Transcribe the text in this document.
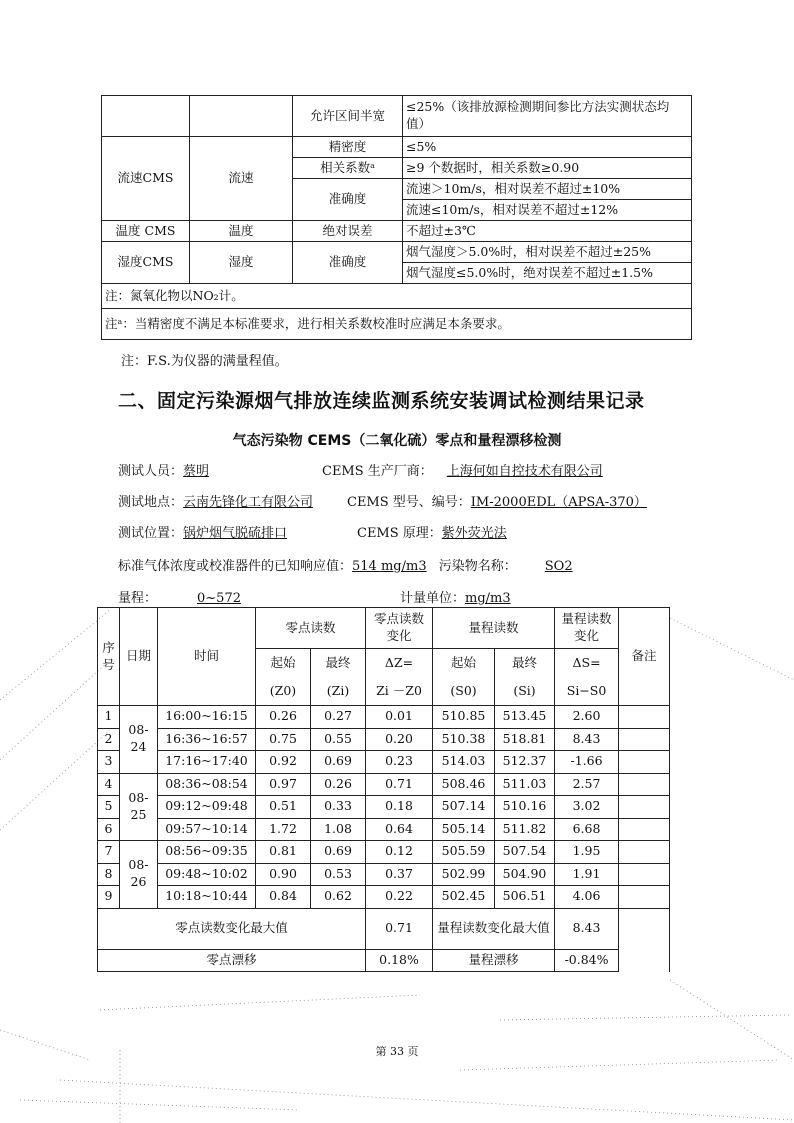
		允许区间半宽	≤25%（该排放源检测期间参比方法实测状态均值）
流速CMS	流速	精密度	≤5%
		相关系数ᵃ	≥9 个数据时，相关系数≥0.90
		准确度	流速＞10m/s，相对误差不超过±10%
			流速≤10m/s，相对误差不超过±12%
温度 CMS	温度	绝对误差	不超过±3℃
湿度CMS	湿度	准确度	烟气湿度＞5.0%时，相对误差不超过±25%
			烟气湿度≤5.0%时，绝对误差不超过±1.5%
注：氮氧化物以NO₂计。			
注ᵃ：当精密度不满足本标准要求，进行相关系数校准时应满足本条要求。			
注：F.S.为仪器的满量程值。
二、固定污染源烟气排放连续监测系统安装调试检测结果记录
气态污染物 CEMS（二氧化硫）零点和量程漂移检测
测试人员：蔡明	CEMS 生产厂商： 上海何如自控技术有限公司
测试地点：云南先锋化工有限公司	CEMS 型号、编号：IM-2000EDL（APSA-370）
测试位置：锅炉烟气脱硫排口	CEMS 原理：紫外荧光法
标准气体浓度或校准器件的已知响应值：514 mg/m3 污染物名称： SO2
量程：	0~572	计量单位：mg/m3
序号	日期	时间	零点读数		零点读数变化	量程读数		量程读数变化	备注
			起始	最终	ΔZ=	起始	最终	ΔS=	
			(Z0)	(Zi)	Zi －Z0	(S0)	(Si)	Si−S0	
1	08-24	16:00~16:15	0.26	0.27	0.01	510.85	513.45	2.60	
2		16:36~16:57	0.75	0.55	0.20	510.38	518.81	8.43	
3		17:16~17:40	0.92	0.69	0.23	514.03	512.37	-1.66	
4	08-25	08:36~08:54	0.97	0.26	0.71	508.46	511.03	2.57	
5		09:12~09:48	0.51	0.33	0.18	507.14	510.16	3.02	
6		09:57~10:14	1.72	1.08	0.64	505.14	511.82	6.68	
7	08-26	08:56~09:35	0.81	0.69	0.12	505.59	507.54	1.95	
8		09:48~10:02	0.90	0.53	0.37	502.99	504.90	1.91	
9		10:18~10:44	0.84	0.62	0.22	502.45	506.51	4.06	
零点读数变化最大值					0.71	量程读数变化最大值		8.43	
零点漂移					0.18%	量程漂移		-0.84%	
第 33 页
